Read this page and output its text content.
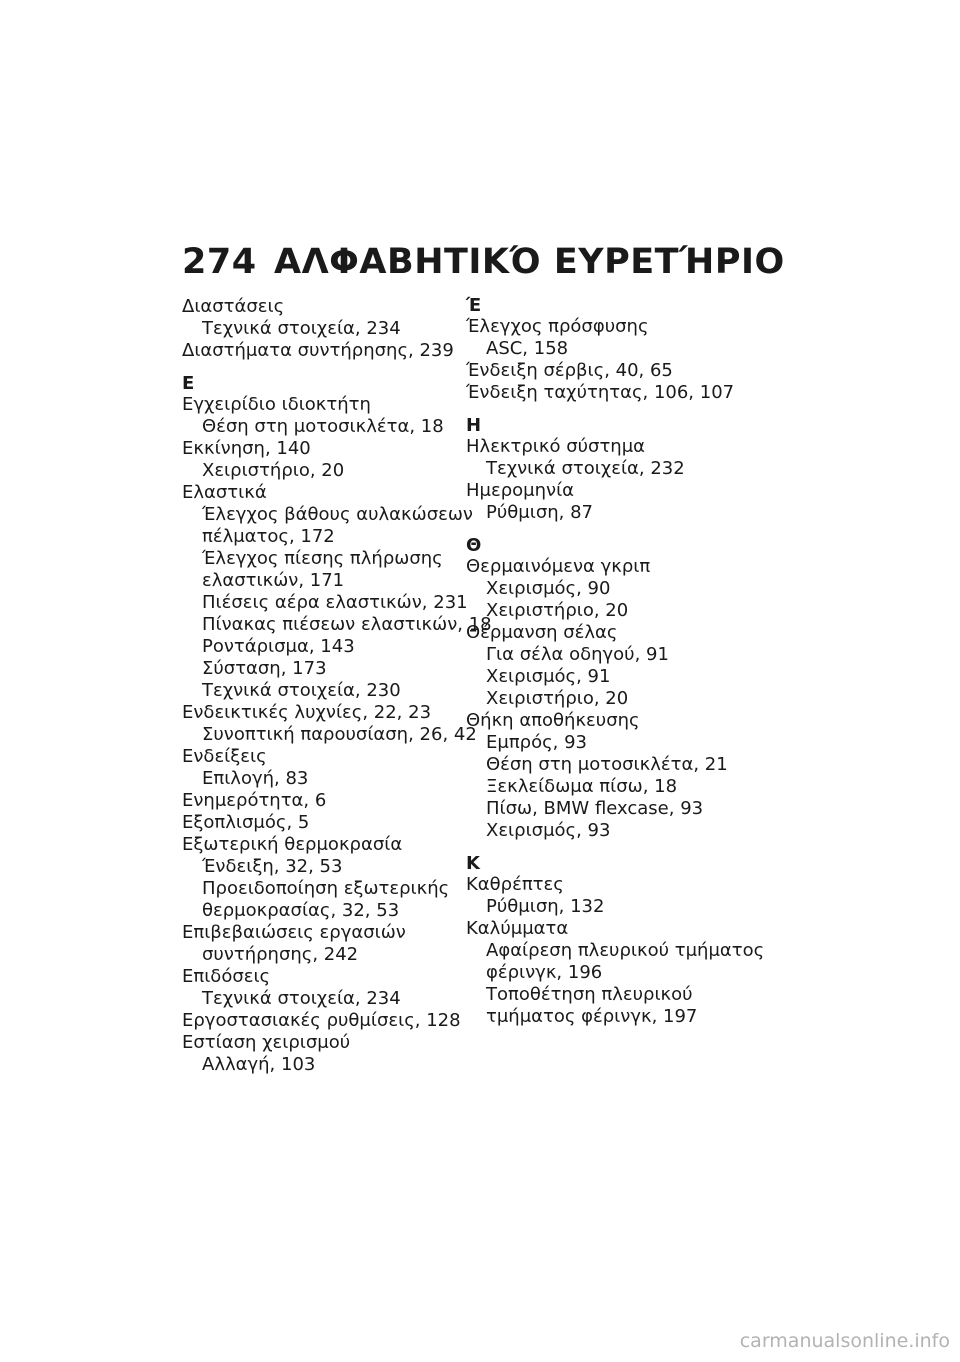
274 ΑΛΦΑΒΗΤΙΚΌ ΕΥΡΕΤΉΡΙΟ
Διαστάσεις
Τεχνικά στοιχεία, 234
Διαστήματα συντήρησης, 239
Ε
Εγχειρίδιο ιδιοκτήτη
Θέση στη μοτοσικλέτα, 18
Εκκίνηση, 140
Χειριστήριο, 20
Ελαστικά
Έλεγχος βάθους αυλακώσεων
πέλματος, 172
Έλεγχος πίεσης πλήρωσης
ελαστικών, 171
Πιέσεις αέρα ελαστικών, 231
Πίνακας πιέσεων ελαστικών, 18
Ροντάρισμα, 143
Σύσταση, 173
Τεχνικά στοιχεία, 230
Ενδεικτικές λυχνίες, 22, 23
Συνοπτική παρουσίαση, 26, 42
Ενδείξεις
Επιλογή, 83
Ενημερότητα, 6
Εξοπλισμός, 5
Εξωτερική θερμοκρασία
Ένδειξη, 32, 53
Προειδοποίηση εξωτερικής
θερμοκρασίας, 32, 53
Επιβεβαιώσεις εργασιών
συντήρησης, 242
Επιδόσεις
Τεχνικά στοιχεία, 234
Εργοστασιακές ρυθμίσεις, 128
Εστίαση χειρισμού
Αλλαγή, 103
Έ
Έλεγχος πρόσφυσης
ASC, 158
Ένδειξη σέρβις, 40, 65
Ένδειξη ταχύτητας, 106, 107
Η
Ηλεκτρικό σύστημα
Τεχνικά στοιχεία, 232
Ημερομηνία
Ρύθμιση, 87
Θ
Θερμαινόμενα γκριπ
Χειρισμός, 90
Χειριστήριο, 20
Θέρμανση σέλας
Για σέλα οδηγού, 91
Χειρισμός, 91
Χειριστήριο, 20
Θήκη αποθήκευσης
Εμπρός, 93
Θέση στη μοτοσικλέτα, 21
Ξεκλείδωμα πίσω, 18
Πίσω, BMW flexcase, 93
Χειρισμός, 93
Κ
Καθρέπτες
Ρύθμιση, 132
Καλύμματα
Αφαίρεση πλευρικού τμήματος
φέρινγκ, 196
Τοποθέτηση πλευρικού
τμήματος φέρινγκ, 197
carmanualsonline.info
